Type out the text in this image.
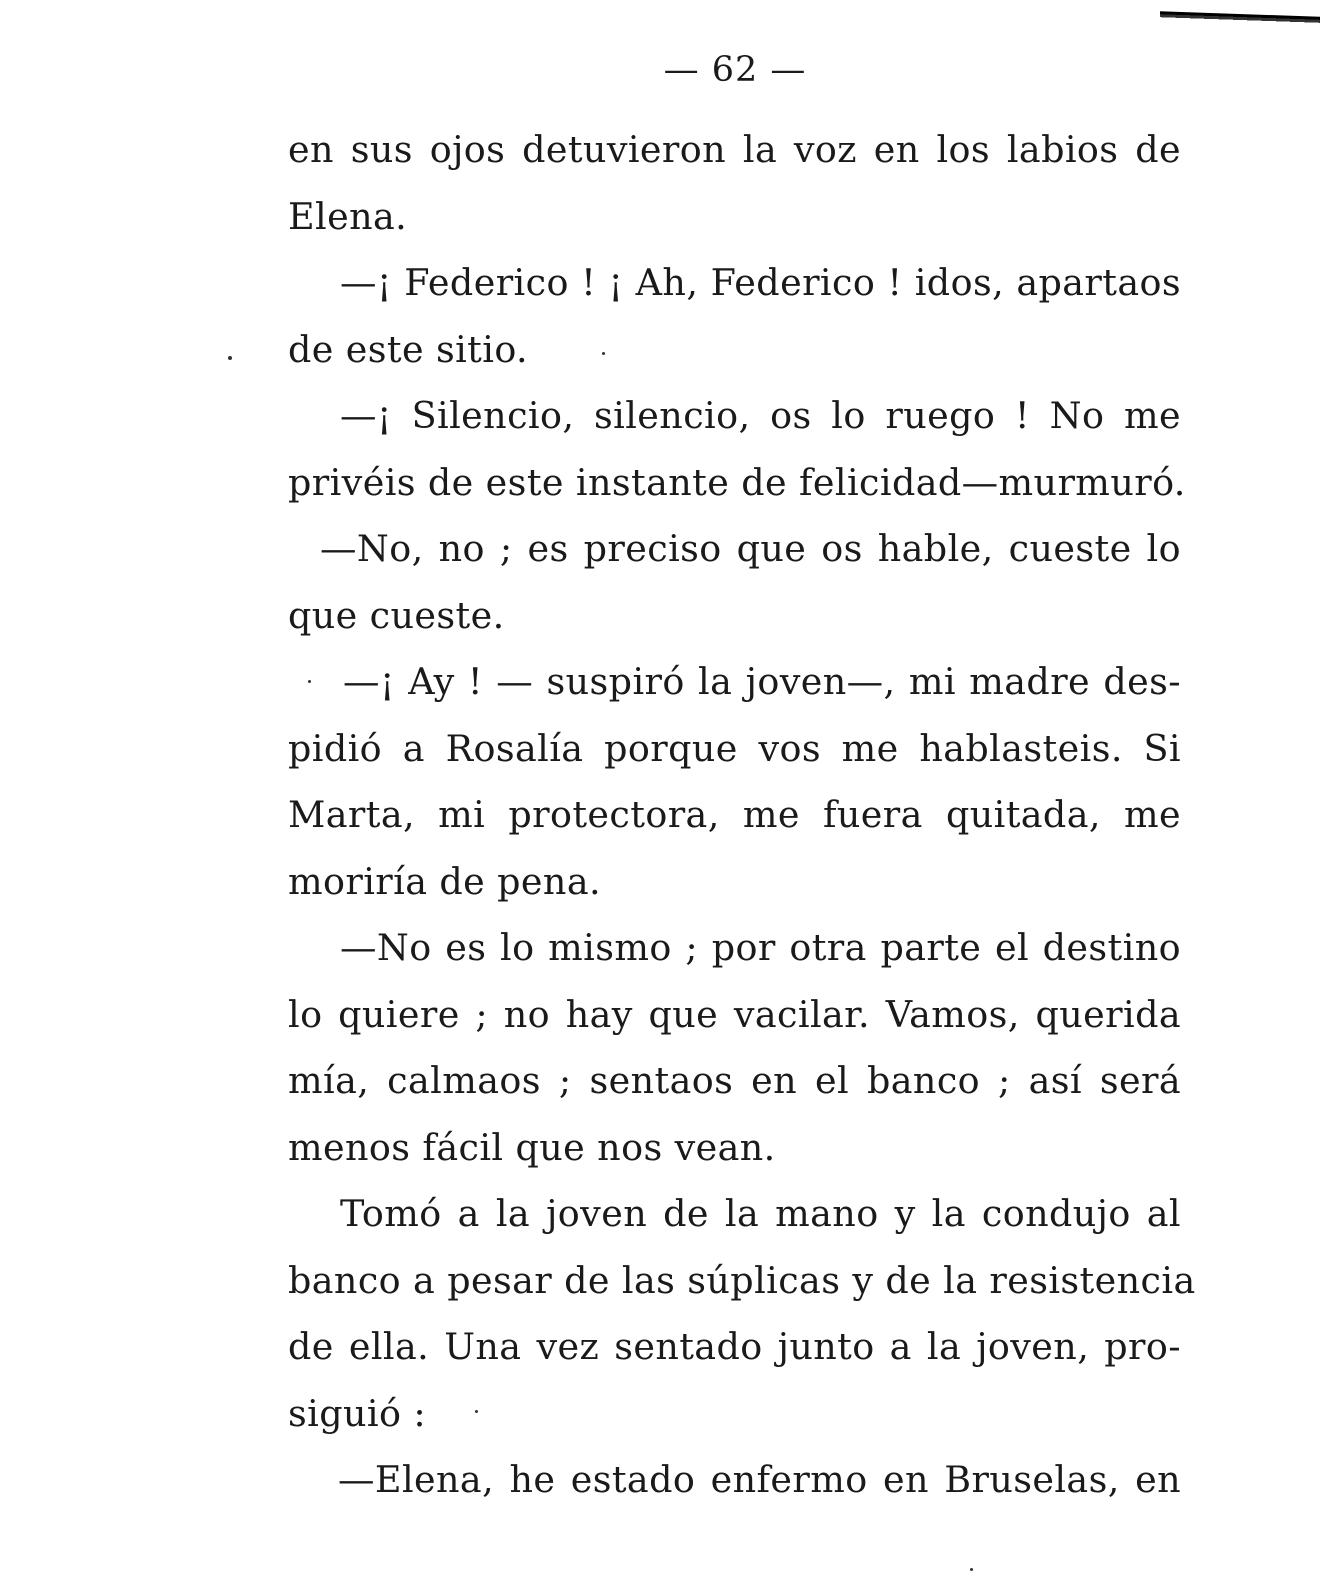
— 62 —
en sus ojos detuvieron la voz en los labios de
Elena.
—¡ Federico ! ¡ Ah, Federico ! idos, apartaos
de este sitio.
—¡ Silencio, silencio, os lo ruego ! No me
privéis de este instante de felicidad—murmuró.
—No, no ; es preciso que os hable, cueste lo
que cueste.
—¡ Ay ! — suspiró la joven—, mi madre des-
pidió a Rosalía porque vos me hablasteis. Si
Marta, mi protectora, me fuera quitada, me
moriría de pena.
—No es lo mismo ; por otra parte el destino
lo quiere ; no hay que vacilar. Vamos, querida
mía, calmaos ; sentaos en el banco ; así será
menos fácil que nos vean.
Tomó a la joven de la mano y la condujo al
banco a pesar de las súplicas y de la resistencia
de ella. Una vez sentado junto a la joven, pro-
siguió :
—Elena, he estado enfermo en Bruselas, en
